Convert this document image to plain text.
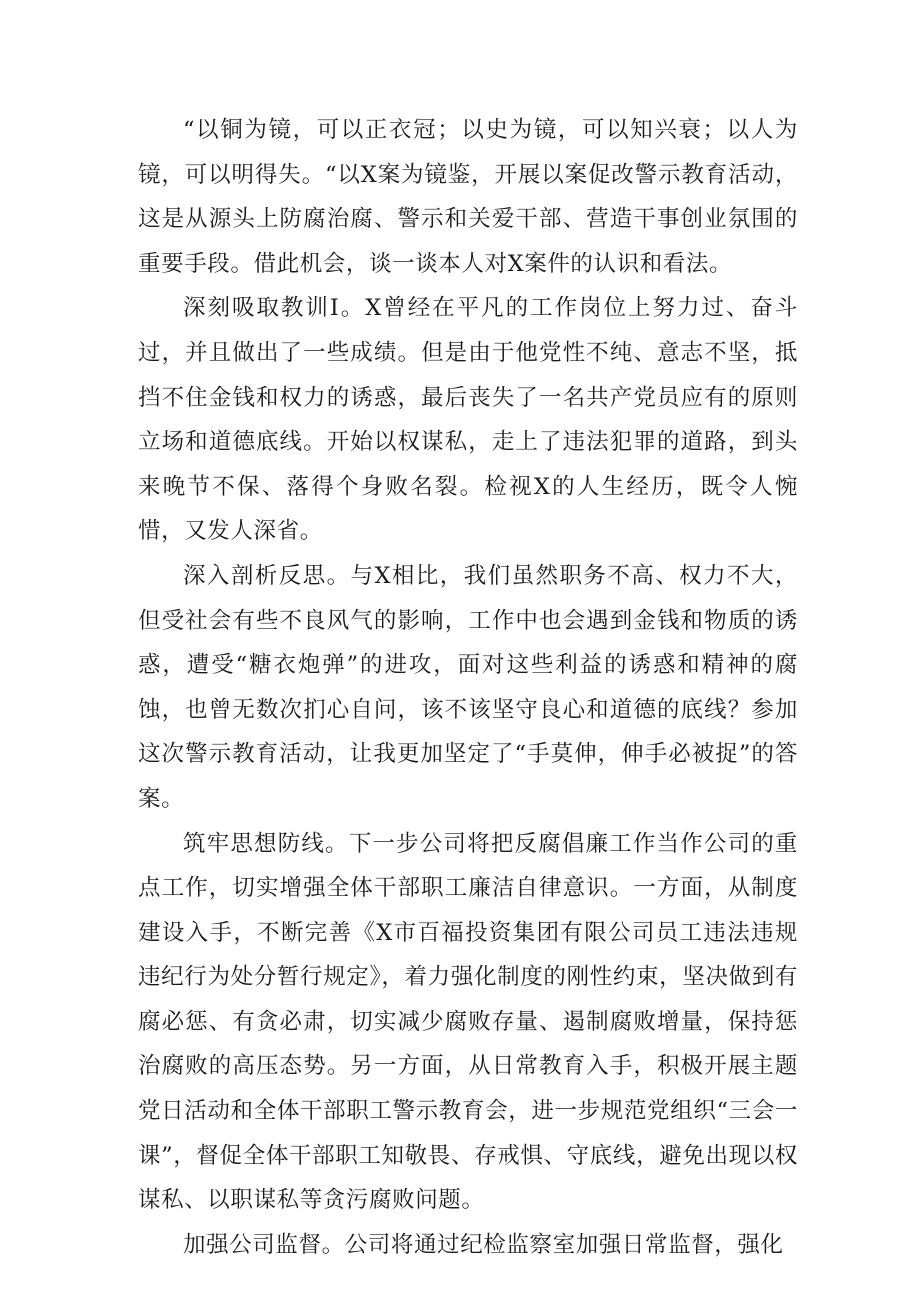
“以铜为镜，可以正衣冠；以史为镜，可以知兴衰；以人为镜，可以明得失。“以X案为镜鉴，开展以案促改警示教育活动，这是从源头上防腐治腐、警示和关爱干部、营造干事创业氛围的重要手段。借此机会，谈一谈本人对X案件的认识和看法。

深刻吸取教训I。X曾经在平凡的工作岗位上努力过、奋斗过，并且做出了一些成绩。但是由于他党性不纯、意志不坚，抵挡不住金钱和权力的诱惑，最后丧失了一名共产党员应有的原则立场和道德底线。开始以权谋私，走上了违法犯罪的道路，到头来晚节不保、落得个身败名裂。检视X的人生经历，既令人惋惜，又发人深省。

深入剖析反思。与X相比，我们虽然职务不高、权力不大，但受社会有些不良风气的影响，工作中也会遇到金钱和物质的诱惑，遭受“糖衣炮弹”的进攻，面对这些利益的诱惑和精神的腐蚀，也曾无数次扪心自问，该不该坚守良心和道德的底线？参加这次警示教育活动，让我更加坚定了“手莫伸，伸手必被捉”的答案。

筑牢思想防线。下一步公司将把反腐倡廉工作当作公司的重点工作，切实增强全体干部职工廉洁自律意识。一方面，从制度建设入手，不断完善《X市百福投资集团有限公司员工违法违规违纪行为处分暂行规定》，着力强化制度的刚性约束，坚决做到有腐必惩、有贪必肃，切实减少腐败存量、遏制腐败增量，保持惩治腐败的高压态势。另一方面，从日常教育入手，积极开展主题党日活动和全体干部职工警示教育会，进一步规范党组织“三会一课”，督促全体干部职工知敬畏、存戒惧、守底线，避免出现以权谋私、以职谋私等贪污腐败问题。

加强公司监督。公司将通过纪检监察室加强日常监督，强化
